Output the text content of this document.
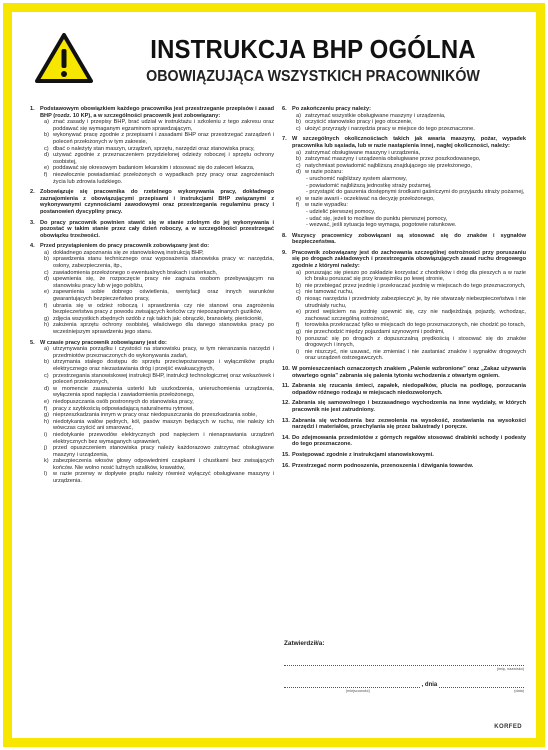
INSTRUKCJA BHP OGÓLNA
OBOWIĄZUJĄCA WSZYSTKICH PRACOWNIKÓW
1. Podstawowym obowiązkiem każdego pracownika jest przestrzeganie przepisów i zasad BHP (rozdz. 10 KP), a w szczególności pracownik jest zobowiązany:
a) znać zasady i przepisy BHP, brać udział w instruktażu i szkoleniu z tego zakresu oraz poddawać się wymaganym egzaminom sprawdzającym,
b) wykonywać pracę zgodnie z przepisami i zasadami BHP oraz przestrzegać zarządzeń i poleceń przełożonych w tym zakresie,
c) dbać o należyty stan maszyn, urządzeń, sprzętu, narzędzi oraz stanowiska pracy,
d) używać zgodnie z przeznaczeniem przydzielonej odzieży roboczej i sprzętu ochrony osobistej,
e) poddawać się okresowym badaniom lekarskim i stosować się do zaleceń lekarza,
f) niezwłocznie powiadamiać przełożonych o wypadkach przy pracy oraz zagrożeniach życia lub zdrowia ludzkiego.
2. Zobowiązuje się pracownika do rzetelnego wykonywania pracy, dokładnego zaznajomienia z obowiązującymi przepisami i instrukcjami BHP związanymi z wykonywanymi czynnościami zawodowymi oraz przestrzegania regulaminu pracy i postanowień dyscypliny pracy.
3. Do pracy pracownik powinien stawić się w stanie zdolnym do jej wykonywania i pozostać w takim stanie przez cały dzień roboczy, a w szczególności przestrzegać obowiązku trzeźwości.
4. Przed przystąpieniem do pracy pracownik zobowiązany jest do:
a) dokładnego zapoznania się ze stanowiskową instrukcją BHP,
b) sprawdzenia stanu technicznego oraz wyposażenia stanowiska pracy w: narzędzia, osłony, zabezpieczenia, itp.,
c) zawiadomienia przełożonego o ewentualnych brakach i usterkach,
d) upewnienia się, że rozpoczęcie pracy nie zagraża osobom przebywającym na stanowisku pracy lub w jego pobliżu,
e) zapewnienia sobie dobrego oświetlenia, wentylacji oraz innych warunków gwarantujących bezpieczeństwo pracy,
f) ubrania się w odzież roboczą i sprawdzenia czy nie stanowi ona zagrożenia bezpieczeństwa pracy z powodu zwisających końców czy niepozapinanych guzików,
g) zdjęcia wszystkich zbędnych ozdób z rąk takich jak: obrączki, bransolety, pierścionki,
h) założenia sprzętu ochrony osobistej, właściwego dla danego stanowiska pracy po wcześniejszym sprawdzeniu jego stanu.
5. W czasie pracy pracownik zobowiązany jest do:
a) utrzymywania porządku i czystości na stanowisku pracy, w tym nieranzania narzędzi i przedmiotów przeznaczonych do wykonywania zadań,
b) utrzymania stałego dostępu do sprzętu przeciwpożarowego i wyłączników prądu elektrycznego oraz niezastawiania dróg i przejść ewakuacyjnych,
c) przestrzegania stanowiskowej instrukcji BHP, instrukcji technologicznej oraz wskazówek i poleceń przełożonych,
d) w momencie zauważenia usterki lub uszkodzenia, unieruchomienia urządzenia, wyłączenia spod napięcia i zawiadomienia przełożonego,
e) niedopuszczania osób postronnych do stanowiska pracy,
f) pracy z szybkością odpowiadającą naturalnemu rytmowi,
g) nieprzeszkadzania innym w pracy oraz niedopuszczania do przeszkadzania sobie,
h) niedotykania wałów pędnych, kół, pasów maszyn będących w ruchu, nie należy ich wówczas czyścić ani smarować,
i)	niedotykanie przewodów elektrycznych pod napięciem i nienaprawiania urządzeń elektrycznych bez wymaganych uprawnień,
j)	przed opuszczeniem stanowiska pracy należy każdorazowo zatrzymać obsługiwane maszyny i urządzenia,
k) zabezpieczenia włosów głowy odpowiednimi czapkami i chustkami bez zwisających końców. Nie wolno nosić luźnych szalików, krawatów,
l)	w razie przerwy w dopływie prądu należy również wyłączyć obsługiwane maszyny i urządzenia.
6. Po zakończeniu pracy należy:
a) zatrzymać wszystkie obsługiwane maszyny i urządzenia,
b) oczyścić stanowisko pracy i jego otoczenie,
c) ułożyć przyrządy i narzędzia pracy w miejsce do tego przeznaczone.
7. W szczególnych okolicznościach takich jak awaria maszyny, pożar, wypadek pracownika lub sąsiada, lub w razie nastąpienia innej, nagłej okoliczności, należy:
a) zatrzymać obsługiwane maszyny i urządzenia,
b) zatrzymać maszyny i urządzenia obsługiwane przez poszkodowanego,
c) natychmiast powiadomić najbliższą znajdującego się przełożonego,
d) w razie pożaru:
- uruchomić najbliższy system alarmowy,
- powiadomić najbliższą jednostkę straży pożarnej,
- przystąpić do gaszenia dostępnymi środkami gaśniczymi do przyjazdu straży pożarnej,
e) w razie awarii - oczekiwać na decyzję przełożonego,
f) w razie wypadku:
- udzielić pierwszej pomocy,
- udać się, jeżeli to możliwe do punktu pierwszej pomocy,
- wezwać, jeśli sytuacja tego wymaga, pogotowie ratunkowe.
8. Wszyscy pracownicy zobowiązani są stosować się do znaków i sygnałów bezpieczeństwa.
9. Pracownik zobowiązany jest do zachowania szczególnej ostrożności przy poruszaniu się po drogach zakładowych i przestrzegania obowiązujących zasad ruchu drogowego zgodnie z którymi należy:
a) poruszając się pieszo po zakładzie korzystać z chodników i dróg dla pieszych a w razie ich braku poruszać się przy krawężniku po lewej stronie,
b) nie przebiegać przez jezdnię i przekraczać jezdnię w miejscach do tego przeznaczonych,
c) nie tamować ruchu,
d) niosąc narzędzia i przedmioty zabezpieczyć je, by nie stwarzały niebezpieczeństwa i nie utrudniały ruchu,
e) przed wejściem na jezdnię upewnić się, czy nie nadjeżdżają pojazdy, wchodząc, zachować szczególną ostrożność,
f) torowiska przekraczać tylko w miejscach do tego przeznaczonych, nie chodzić po torach,
g) nie przechodzić między pojazdami szynowymi i podnimi,
h) poruszać się po drogach z dopuszczalną prędkością i stosować się do znaków drogowych i innych,
i)	nie niszczyć, nie usuwać, nie zmieniać i nie zastaniać znaków i sygnałów drogowych oraz urządzeń ostrzegawczych.
10. W pomieszczeniach oznaczonych znakiem „Palenie wzbronione” oraz „Zakaz używania otwartego ognia” zabrania się palenia tytoniu wchodzenia z otwartym ogniem.
11. Zabrania się rzucania śmieci, zapałek, niedopałków, plucia na podłogę, porzucania odpadów różnego rodzaju w miejscach niedozwolonych.
12. Zabrania się samowolnego i bezzasadnego wychodzenia na inne wydziały, w których pracownik nie jest zatrudniony.
13. Zabrania się wchodzenia bez zezwolenia na wysokość, zostawiania na wysokości narzędzi i materiałów, przechylania się przez balustrady i poręcze.
14. Do zdejmowania przedmiotów z górnych regałów stosować drabinki schody i podesty do tego przeznaczone.
15. Postępować zgodnie z instrukcjami stanowiskowymi.
16. Przestrzegać norm podnoszenia, przenoszenia i dźwigania towarów.
Zatwierdził/a:
(imię, nazwisko)
, dnia
(miejscowość)	(data)
KORFED
